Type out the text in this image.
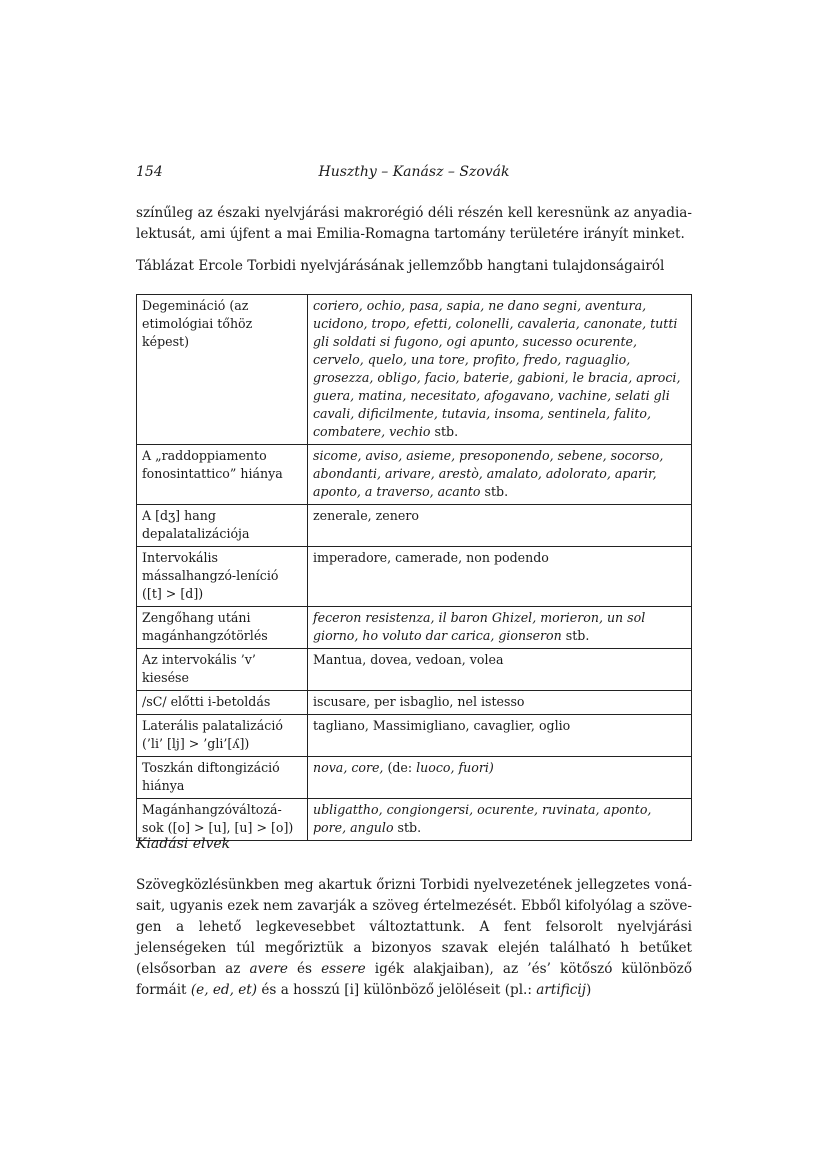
154	Huszthy – Kanász – Szovák
színűleg az északi nyelvjárási makrorégió déli részén kell keresnünk az anyadia-lektusát, ami újfent a mai Emilia-Romagna tartomány területére irányít minket.
Táblázat Ercole Torbidi nyelvjárásának jellemzőbb hangtani tulajdonságairól
Degemináció (az etimológiai tőhöz képest)	coriero, ochio, pasa, sapia, ne dano segni, aventura, ucidono, tropo, efetti, colonelli, cavaleria, canonate, tutti gli soldati si fugono, ogi apunto, sucesso ocurente, cervelo, quelo, una tore, profito, fredo, raguaglio, grosezza, obligo, facio, baterie, gabioni, le bracia, aproci, guera, matina, necesitato, afogavano, vachine, selati gli cavali, dificilmente, tutavia, insoma, sentinela, falito, combatere, vechio stb.
A „raddoppiamento fonosintattico” hiánya	sicome, aviso, asieme, presoponendo, sebene, socorso, abondanti, arivare, arestò, amalato, adolorato, aparir, aponto, a traverso, acanto stb.
A [dʒ] hang depalatalizációja	zenerale, zenero
Intervokális mássalhangzó-leníció ([t] > [d])	imperadore, camerade, non podendo
Zengőhang utáni magánhangzótörlés	feceron resistenza, il baron Ghizel, morieron, un sol giorno, ho voluto dar carica, gionseron stb.
Az intervokális ’v’ kiesése	Mantua, dovea, vedoan, volea
/sC/ előtti i-betoldás	iscusare, per isbaglio, nel istesso
Laterális palatalizáció (’li’ [lj] > ’gli’[ʎ])	tagliano, Massimigliano, cavaglier, oglio
Toszkán diftongizáció hiánya	nova, core, (de: luoco, fuori)
Magánhangzóváltozá-sok ([o] > [u], [u] > [o])	ubligattho, congiongersi, ocurente, ruvinata, aponto, pore, angulo stb.
Kiadási elvek
Szövegközlésünkben meg akartuk őrizni Torbidi nyelvezetének jellegzetes voná-sait, ugyanis ezek nem zavarják a szöveg értelmezését. Ebből kifolyólag a szöve-gen a lehető legkevesebbet változtattunk. A fent felsorolt nyelvjárási jelenségeken túl megőriztük a bizonyos szavak elején található h betűket (elsősorban az avere és essere igék alakjaiban), az ’és’ kötőszó különböző formáit (e, ed, et) és a hosszú [i] különböző jelöléseit (pl.: artificij)
